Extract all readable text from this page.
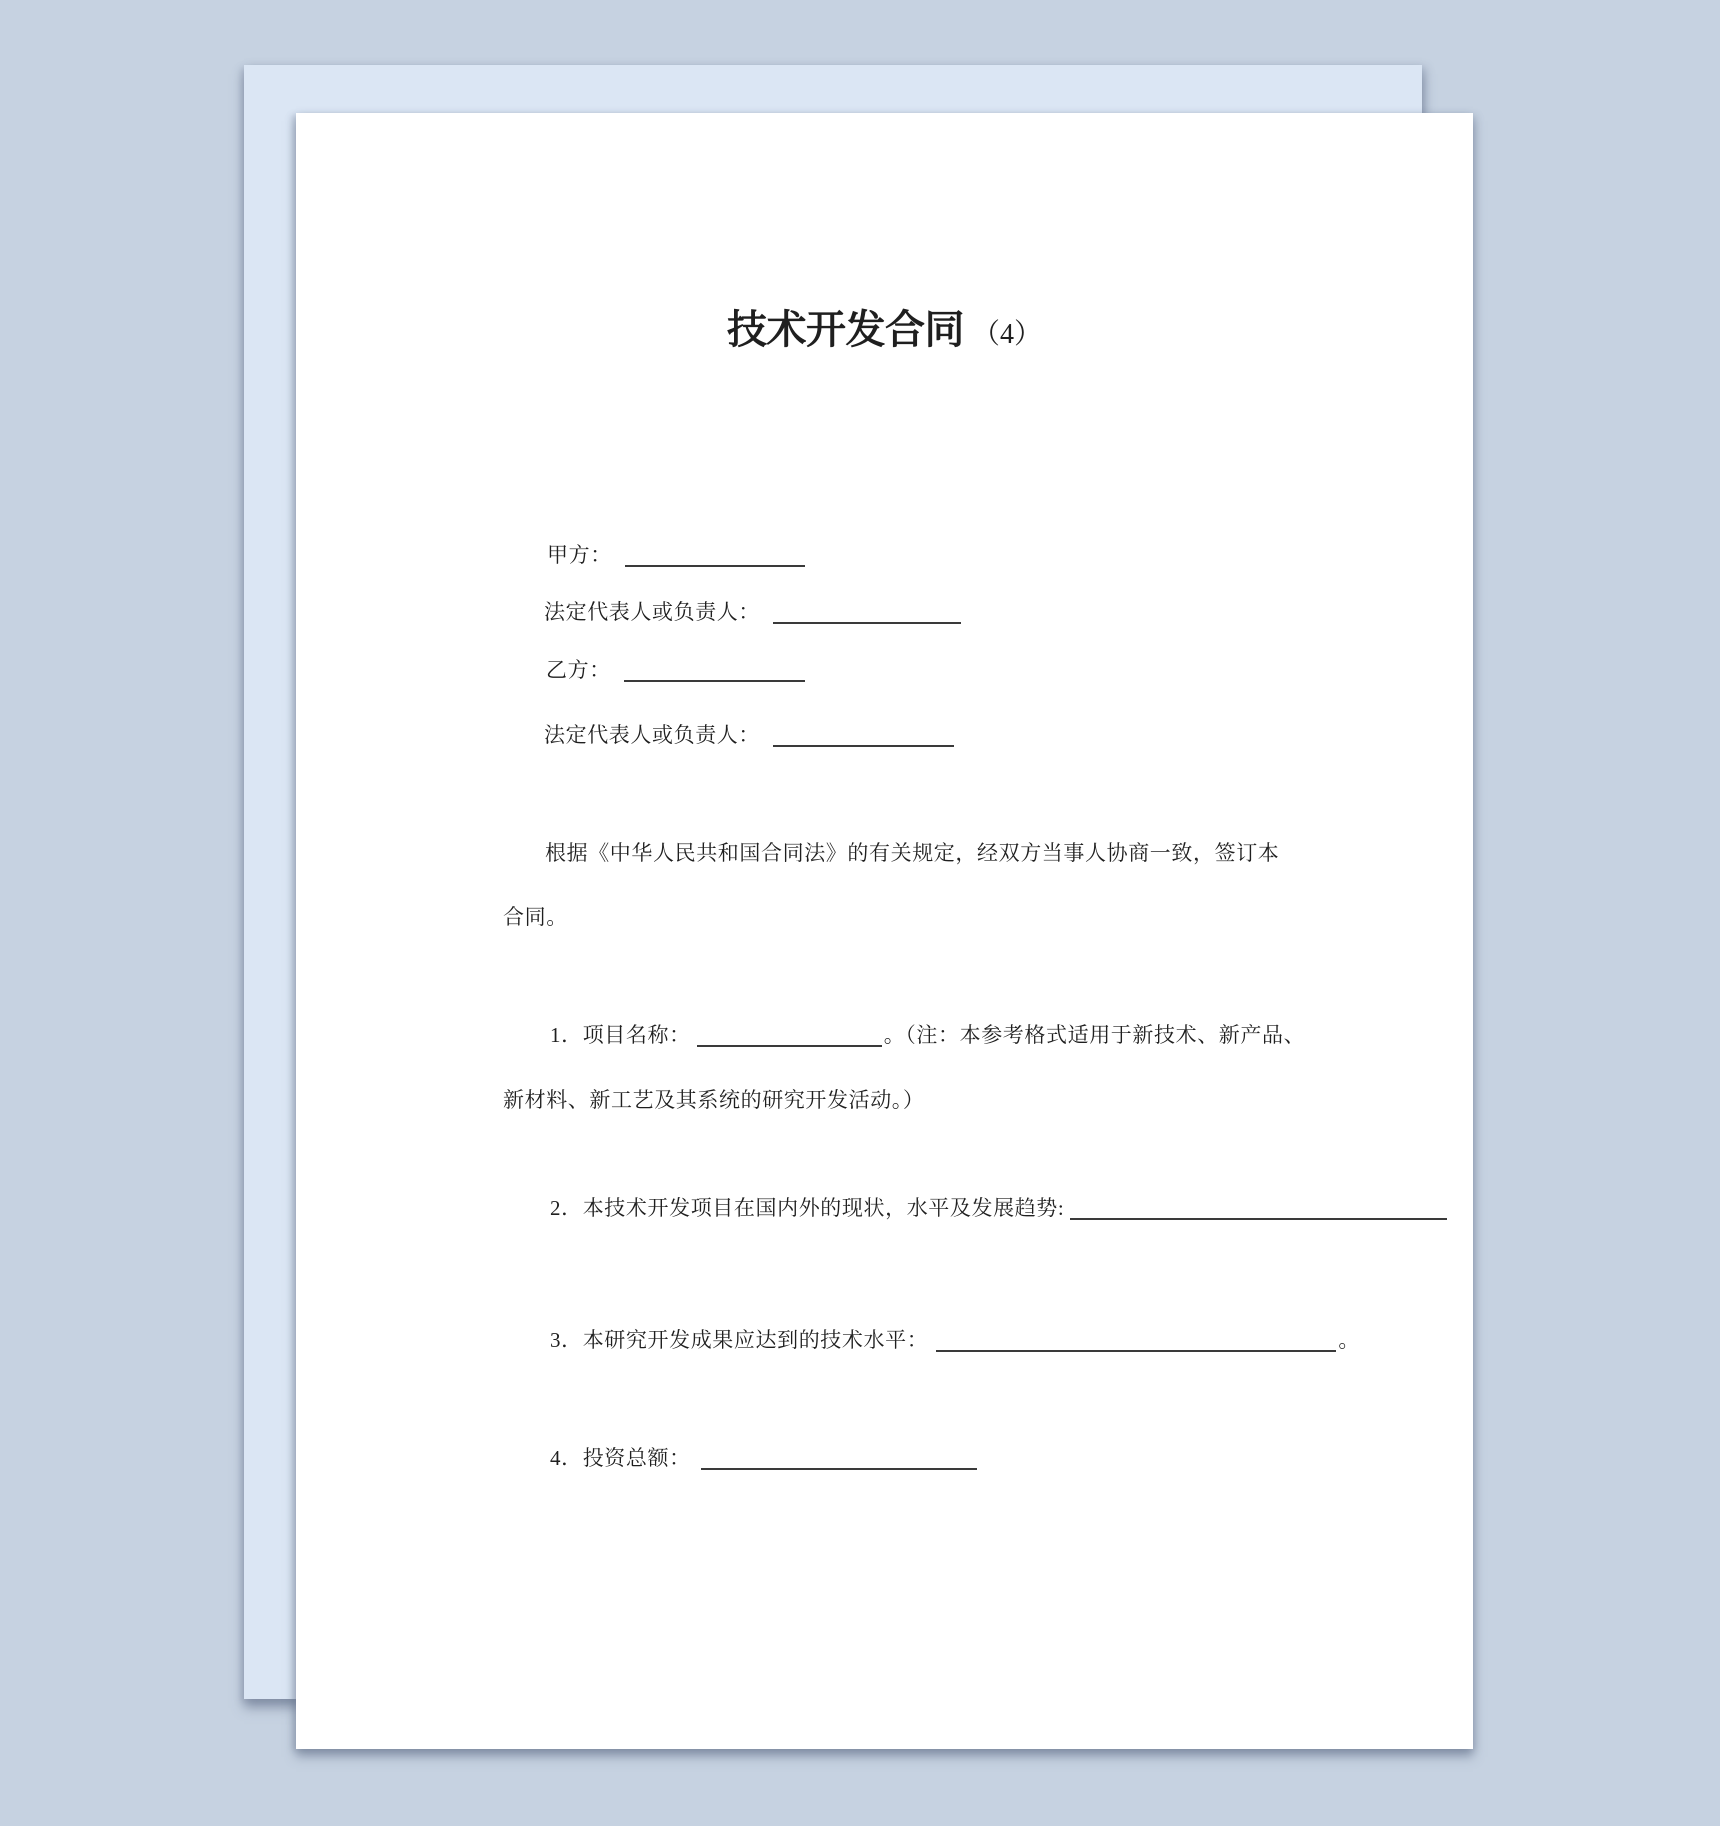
技术开发合同 （4）
甲方：
法定代表人或负责人：
乙方：
法定代表人或负责人：
根据《中华人民共和国合同法》的有关规定，经双方当事人协商一致，签订本
合同。
1．项目名称：	。（注：本参考格式适用于新技术、新产品、
新材料、新工艺及其系统的研究开发活动。）
2．本技术开发项目在国内外的现状，水平及发展趋势:
3．本研究开发成果应达到的技术水平：	。
4．投资总额：
